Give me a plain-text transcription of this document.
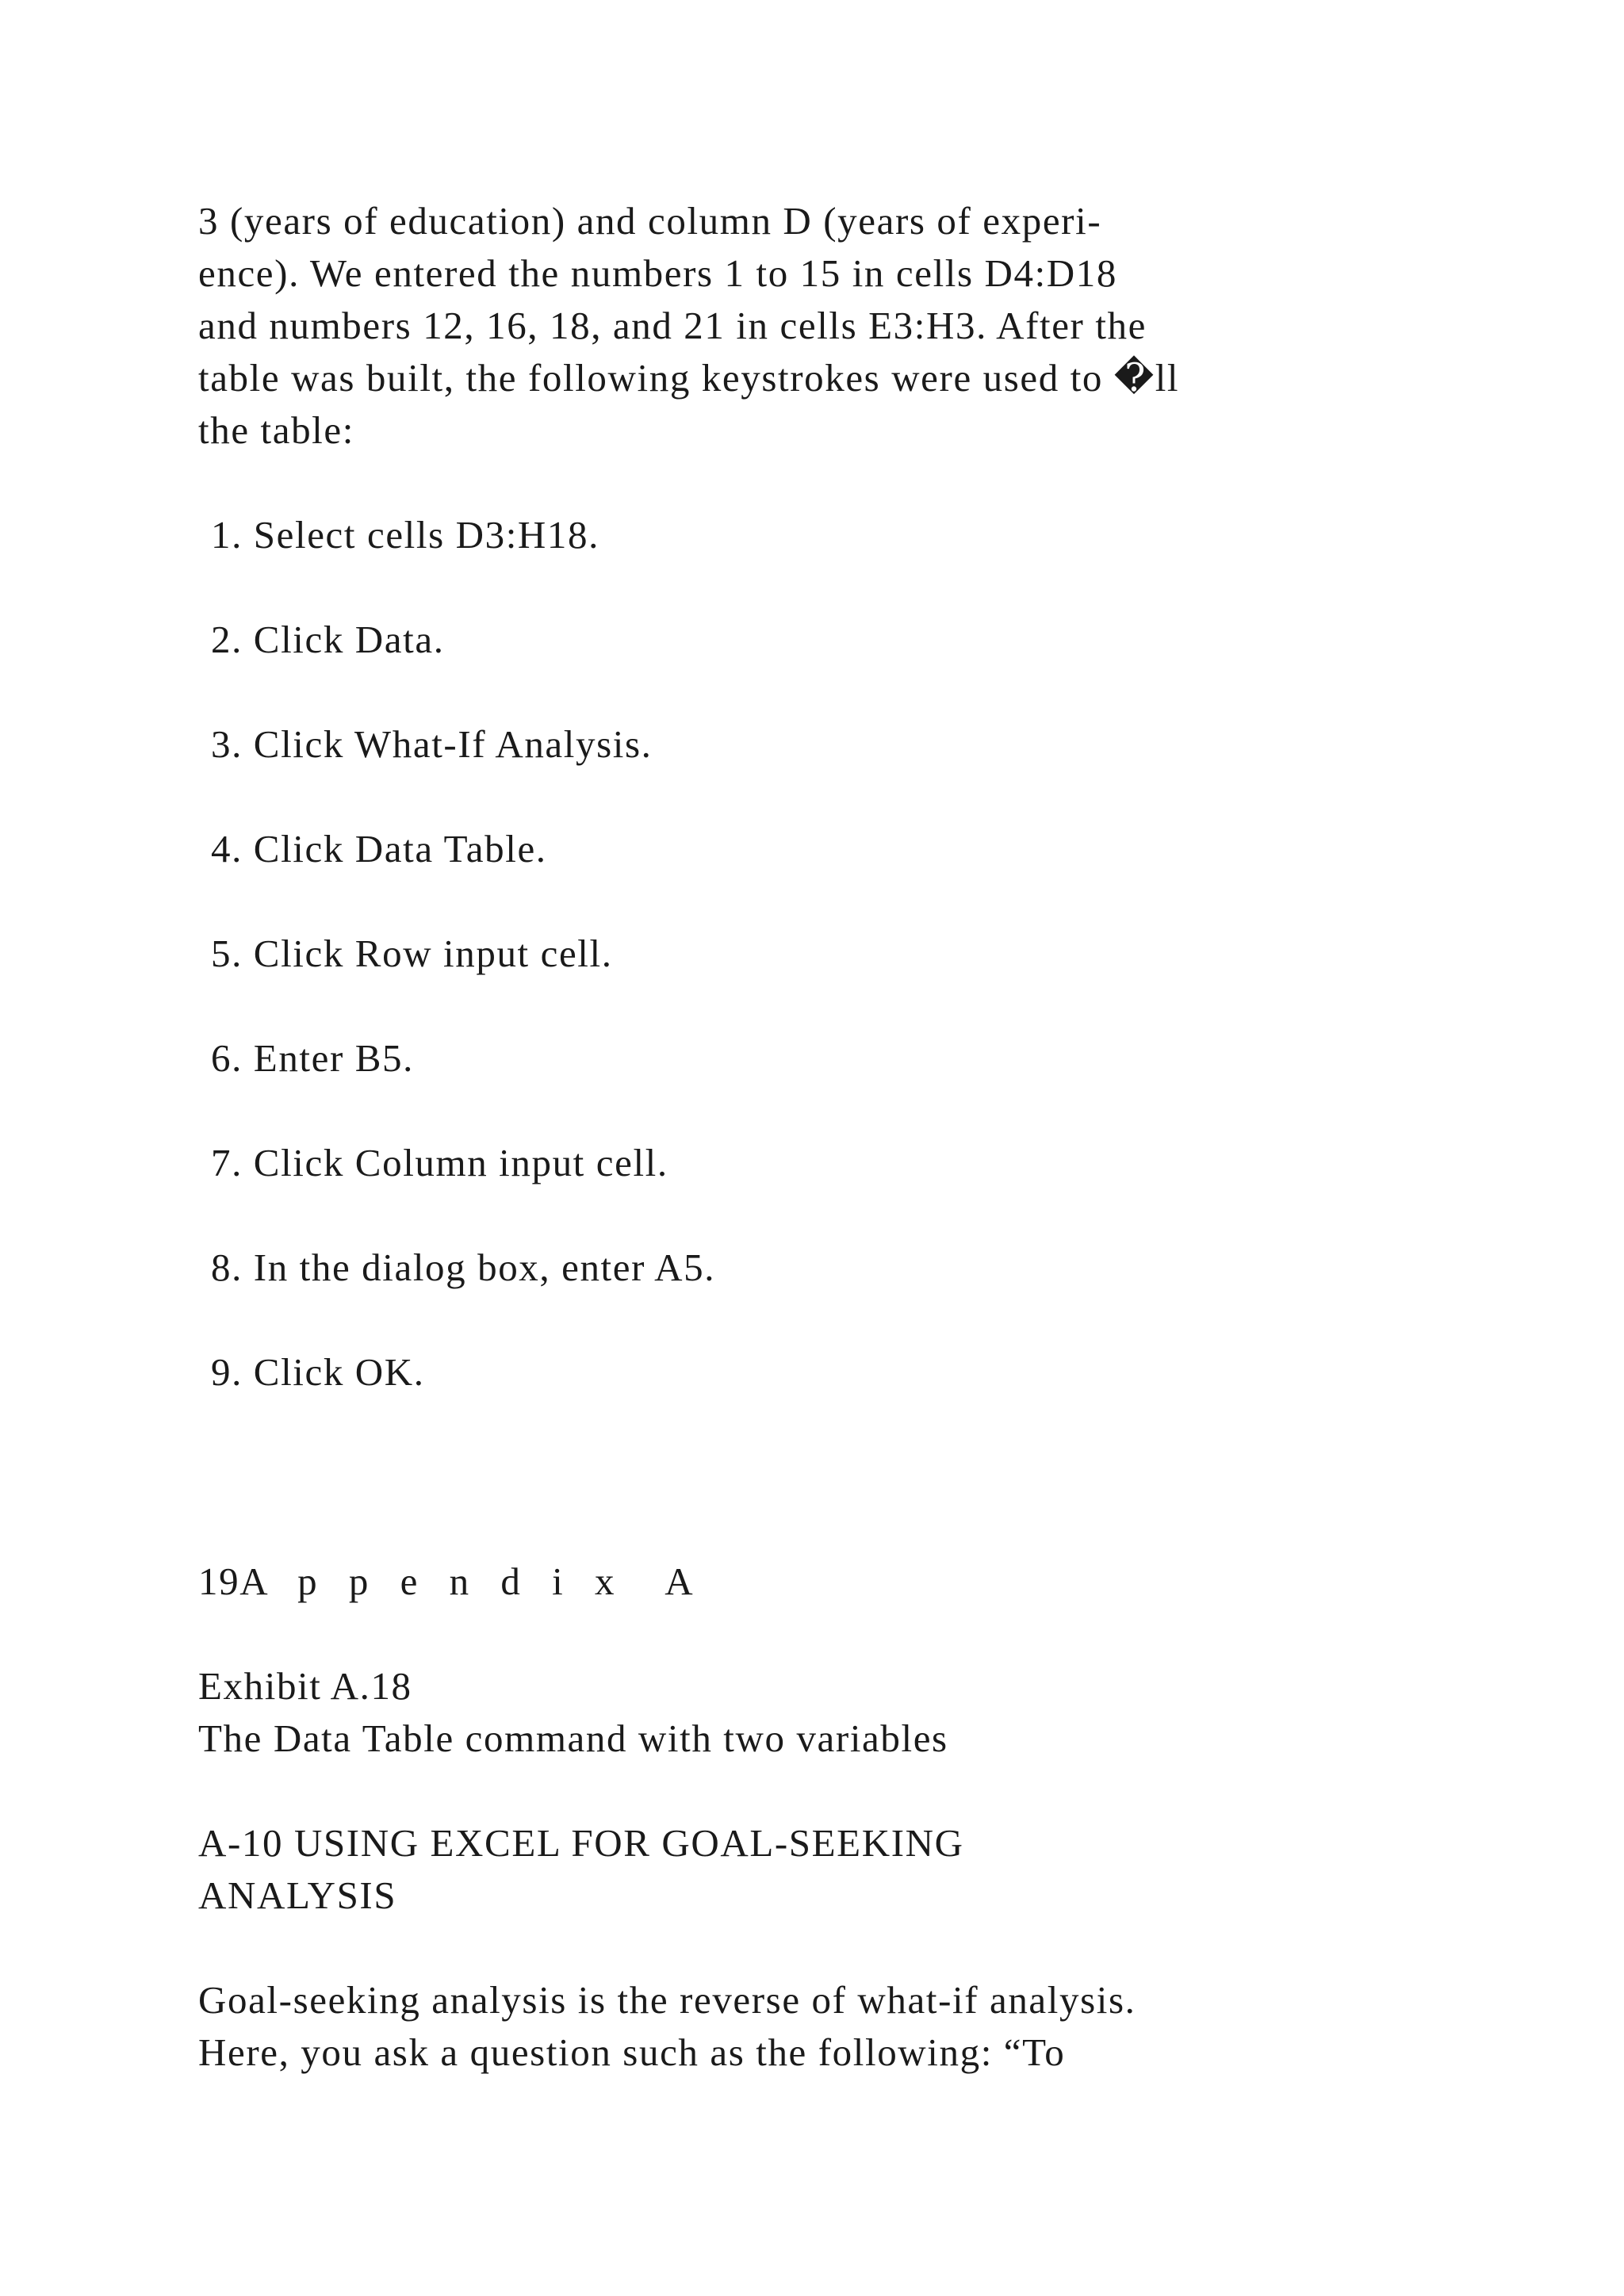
3 (years of education) and column D (years of experi-
ence). We entered the numbers 1 to 15 in cells D4:D18
and numbers 12, 16, 18, and 21 in cells E3:H3. After the
table was built, the following keystrokes were used to �ll
the table:
1. Select cells D3:H18.
2. Click Data.
3. Click What-If Analysis.
4. Click Data Table.
5. Click Row input cell.
6. Enter B5.
7. Click Column input cell.
8. In the dialog box, enter A5.
9. Click OK.
19A p p e n d i x  A
Exhibit A.18
The Data Table command with two variables
A-10 USING EXCEL FOR GOAL-SEEKING
ANALYSIS
Goal-seeking analysis is the reverse of what-if analysis.
Here, you ask a question such as the following: “To
